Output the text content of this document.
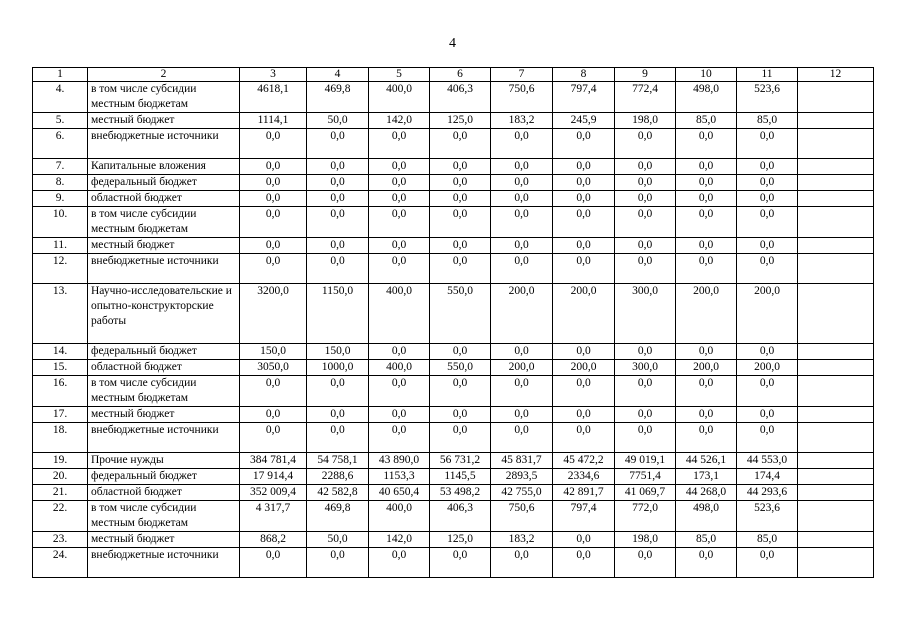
4
1	2	3	4	5	6	7	8	9	10	11	12
4.	в том числе субсидии местным бюджетам	4618,1	469,8	400,0	406,3	750,6	797,4	772,4	498,0	523,6	
5.	местный бюджет	1114,1	50,0	142,0	125,0	183,2	245,9	198,0	85,0	85,0	
6.	внебюджетные источники	0,0	0,0	0,0	0,0	0,0	0,0	0,0	0,0	0,0	
7.	Капитальные вложения	0,0	0,0	0,0	0,0	0,0	0,0	0,0	0,0	0,0	
8.	федеральный бюджет	0,0	0,0	0,0	0,0	0,0	0,0	0,0	0,0	0,0	
9.	областной бюджет	0,0	0,0	0,0	0,0	0,0	0,0	0,0	0,0	0,0	
10.	в том числе субсидии местным бюджетам	0,0	0,0	0,0	0,0	0,0	0,0	0,0	0,0	0,0	
11.	местный бюджет	0,0	0,0	0,0	0,0	0,0	0,0	0,0	0,0	0,0	
12.	внебюджетные источники	0,0	0,0	0,0	0,0	0,0	0,0	0,0	0,0	0,0	
13.	Научно-исследовательские и опытно-конструкторские работы	3200,0	1150,0	400,0	550,0	200,0	200,0	300,0	200,0	200,0	
14.	федеральный бюджет	150,0	150,0	0,0	0,0	0,0	0,0	0,0	0,0	0,0	
15.	областной бюджет	3050,0	1000,0	400,0	550,0	200,0	200,0	300,0	200,0	200,0	
16.	в том числе субсидии местным бюджетам	0,0	0,0	0,0	0,0	0,0	0,0	0,0	0,0	0,0	
17.	местный бюджет	0,0	0,0	0,0	0,0	0,0	0,0	0,0	0,0	0,0	
18.	внебюджетные источники	0,0	0,0	0,0	0,0	0,0	0,0	0,0	0,0	0,0	
19.	Прочие нужды	384 781,4	54 758,1	43 890,0	56 731,2	45 831,7	45 472,2	49 019,1	44 526,1	44 553,0	
20.	федеральный бюджет	17 914,4	2288,6	1153,3	1145,5	2893,5	2334,6	7751,4	173,1	174,4	
21.	областной бюджет	352 009,4	42 582,8	40 650,4	53 498,2	42 755,0	42 891,7	41 069,7	44 268,0	44 293,6	
22.	в том числе субсидии местным бюджетам	4 317,7	469,8	400,0	406,3	750,6	797,4	772,0	498,0	523,6	
23.	местный бюджет	868,2	50,0	142,0	125,0	183,2	0,0	198,0	85,0	85,0	
24.	внебюджетные источники	0,0	0,0	0,0	0,0	0,0	0,0	0,0	0,0	0,0	
